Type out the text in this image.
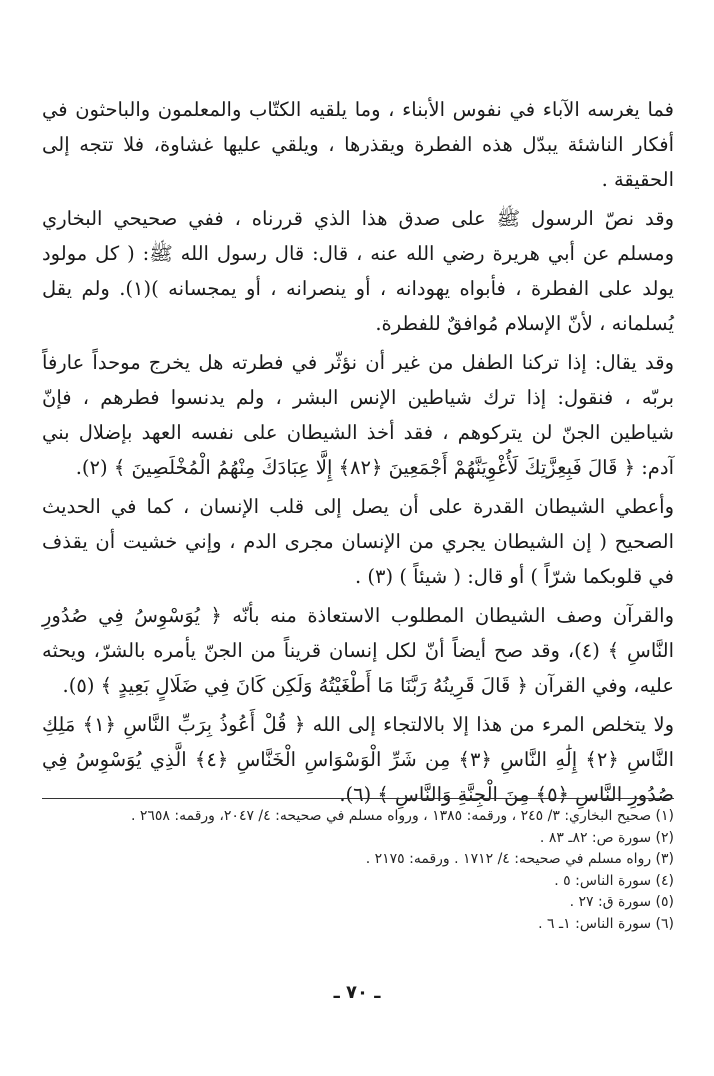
فما يغرسه الآباء في نفوس الأبناء ، وما يلقيه الكتّاب والمعلمون والباحثون في أفكار الناشئة يبدّل هذه الفطرة ويقذرها ، ويلقي عليها غشاوة، فلا تتجه إلى الحقيقة .

وقد نصّ الرسول ﷺ على صدق هذا الذي قررناه ، ففي صحيحي البخاري ومسلم عن أبي هريرة رضي الله عنه ، قال: قال رسول الله ﷺ: ( كل مولود يولد على الفطرة ، فأبواه يهودانه ، أو ينصرانه ، أو يمجسانه )(١). ولم يقل يُسلمانه ، لأنّ الإسلام مُوافقٌ للفطرة.

وقد يقال: إذا تركنا الطفل من غير أن نؤثّر في فطرته هل يخرج موحداً عارفاً بربّه ، فنقول: إذا ترك شياطين الإنس البشر ، ولم يدنسوا فطرهم ، فإنّ شياطين الجنّ لن يتركوهم ، فقد أخذ الشيطان على نفسه العهد بإضلال بني آدم: ﴿ قَالَ فَبِعِزَّتِكَ لَأُغْوِيَنَّهُمْ أَجْمَعِينَ ﴿٨٢﴾ إِلَّا عِبَادَكَ مِنْهُمُ الْمُخْلَصِينَ ﴾ (٢).

وأعطي الشيطان القدرة على أن يصل إلى قلب الإنسان ، كما في الحديث الصحيح ( إن الشيطان يجري من الإنسان مجرى الدم ، وإني خشيت أن يقذف في قلوبكما شرّاً ) أو قال: ( شيئاً ) (٣) .

والقرآن وصف الشيطان المطلوب الاستعاذة منه بأنّه ﴿ يُوَسْوِسُ فِي صُدُورِ النَّاسِ ﴾ (٤)، وقد صح أيضاً أنّ لكل إنسان قريناً من الجنّ يأمره بالشرّ، ويحثه عليه، وفي القرآن ﴿ قَالَ قَرِينُهُ رَبَّنَا مَا أَطْغَيْتُهُ وَلَكِن كَانَ فِي ضَلَالٍ بَعِيدٍ ﴾ (٥).

ولا يتخلص المرء من هذا إلا بالالتجاء إلى الله ﴿ قُلْ أَعُوذُ بِرَبِّ النَّاسِ ﴿١﴾ مَلِكِ النَّاسِ ﴿٢﴾ إِلَٰهِ النَّاسِ ﴿٣﴾ مِن شَرِّ الْوَسْوَاسِ الْخَنَّاسِ ﴿٤﴾ الَّذِي يُوَسْوِسُ فِي صُدُورِ النَّاسِ ﴿٥﴾ مِنَ الْجِنَّةِ وَالنَّاسِ ﴾ (٦).

(١) صحيح البخاري: ٣/ ٢٤٥ ، ورقمه: ١٣٨٥ ، ورواه مسلم في صحيحه: ٤/ ٢٠٤٧، ورقمه: ٢٦٥٨ .

(٢) سورة ص: ٨٢ـ ٨٣ .

(٣) رواه مسلم في صحيحه: ٤/ ١٧١٢ . ورقمه: ٢١٧٥ .

(٤) سورة الناس: ٥ .

(٥) سورة ق: ٢٧ .

(٦) سورة الناس: ١ـ ٦ .

ـ ٧٠ ـ
